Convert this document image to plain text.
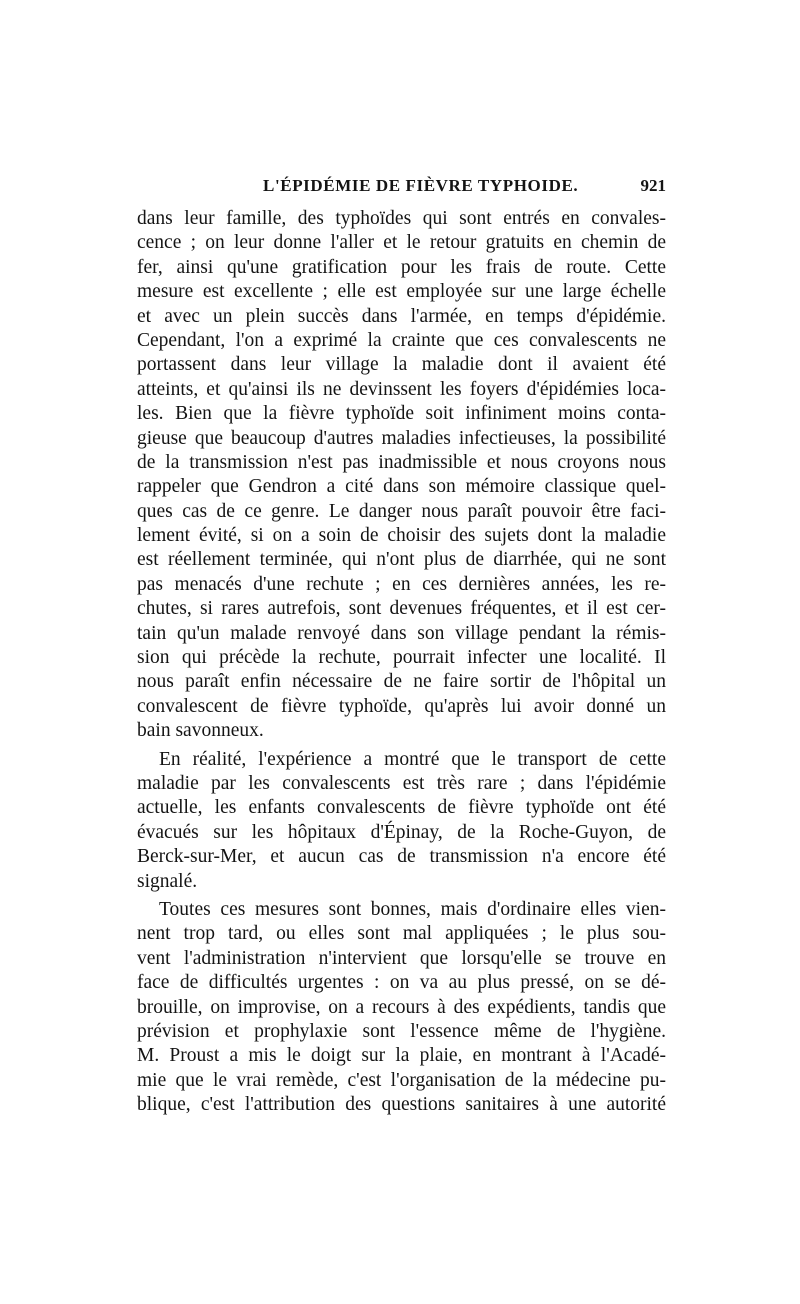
L'ÉPIDÉMIE DE FIÈVRE TYPHOIDE.	921
dans leur famille, des typhoïdes qui sont entrés en convales-
cence ; on leur donne l'aller et le retour gratuits en chemin de
fer, ainsi qu'une gratification pour les frais de route. Cette
mesure est excellente ; elle est employée sur une large échelle
et avec un plein succès dans l'armée, en temps d'épidémie.
Cependant, l'on a exprimé la crainte que ces convalescents ne
portassent dans leur village la maladie dont il avaient été
atteints, et qu'ainsi ils ne devinssent les foyers d'épidémies loca-
les. Bien que la fièvre typhoïde soit infiniment moins conta-
gieuse que beaucoup d'autres maladies infectieuses, la possibilité
de la transmission n'est pas inadmissible et nous croyons nous
rappeler que Gendron a cité dans son mémoire classique quel-
ques cas de ce genre. Le danger nous paraît pouvoir être faci-
lement évité, si on a soin de choisir des sujets dont la maladie
est réellement terminée, qui n'ont plus de diarrhée, qui ne sont
pas menacés d'une rechute ; en ces dernières années, les re-
chutes, si rares autrefois, sont devenues fréquentes, et il est cer-
tain qu'un malade renvoyé dans son village pendant la rémis-
sion qui précède la rechute, pourrait infecter une localité. Il
nous paraît enfin nécessaire de ne faire sortir de l'hôpital un
convalescent de fièvre typhoïde, qu'après lui avoir donné un
bain savonneux.
En réalité, l'expérience a montré que le transport de cette
maladie par les convalescents est très rare ; dans l'épidémie
actuelle, les enfants convalescents de fièvre typhoïde ont été
évacués sur les hôpitaux d'Épinay, de la Roche-Guyon, de
Berck-sur-Mer, et aucun cas de transmission n'a encore été
signalé.
Toutes ces mesures sont bonnes, mais d'ordinaire elles vien-
nent trop tard, ou elles sont mal appliquées ; le plus sou-
vent l'administration n'intervient que lorsqu'elle se trouve en
face de difficultés urgentes : on va au plus pressé, on se dé-
brouille, on improvise, on a recours à des expédients, tandis que
prévision et prophylaxie sont l'essence même de l'hygiène.
M. Proust a mis le doigt sur la plaie, en montrant à l'Acadé-
mie que le vrai remède, c'est l'organisation de la médecine pu-
blique, c'est l'attribution des questions sanitaires à une autorité
